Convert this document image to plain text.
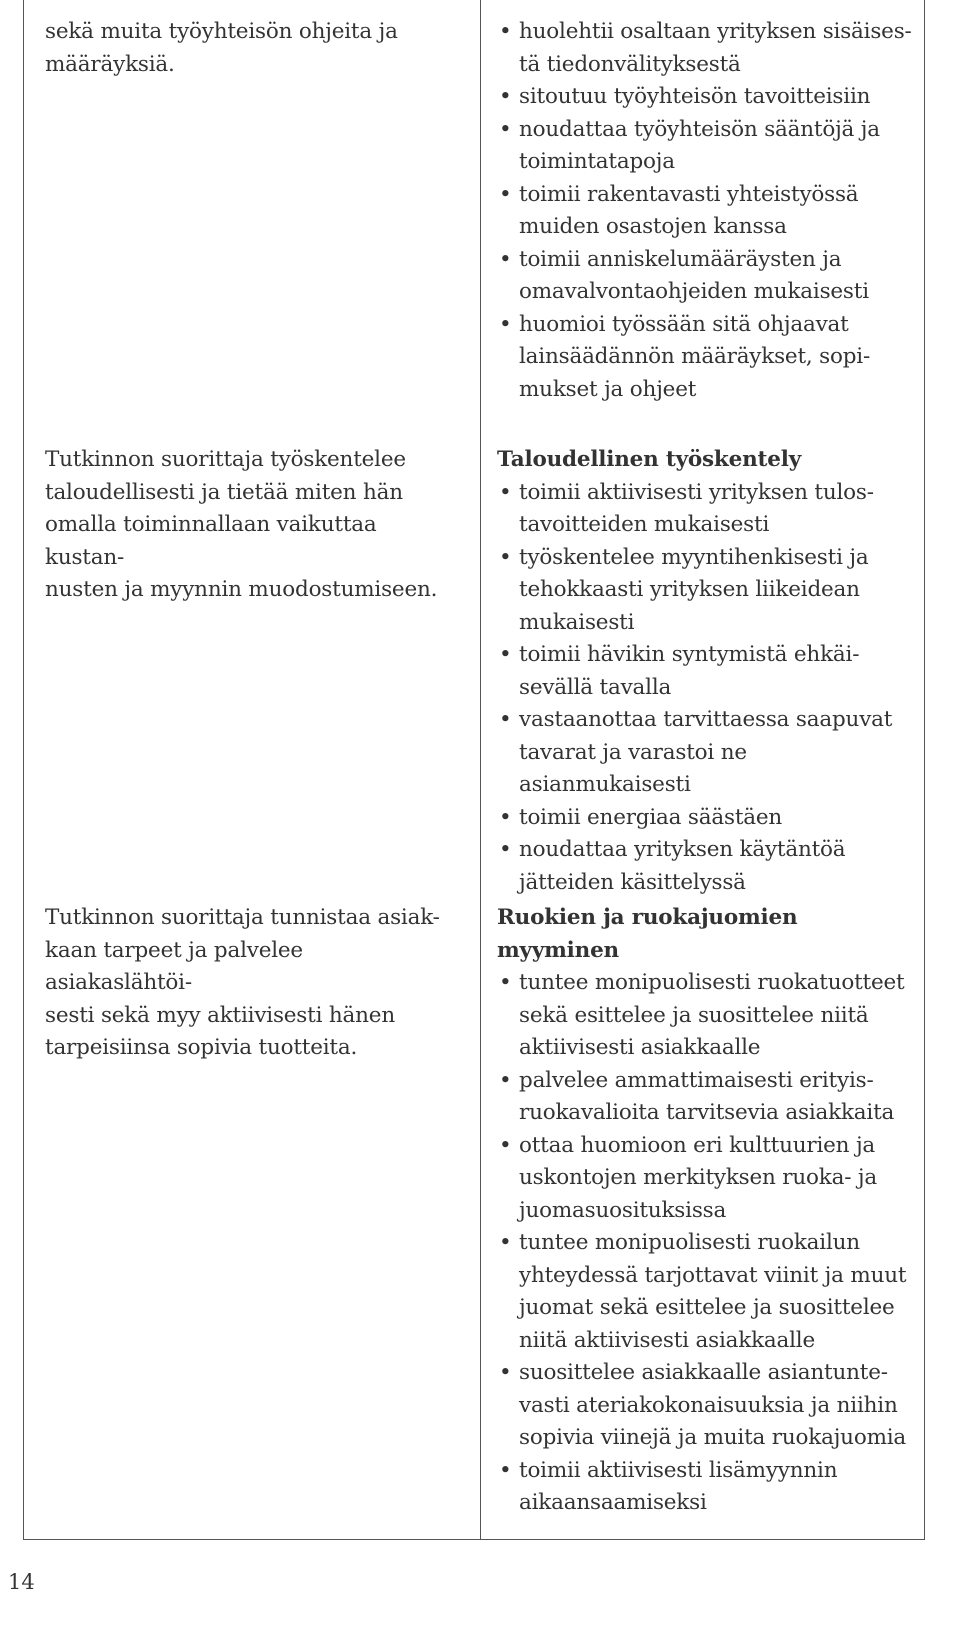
sekä muita työyhteisön ohjeita ja
määräyksiä.
Tutkinnon suorittaja työskentelee
taloudellisesti ja tietää miten hän
omalla toiminnallaan vaikuttaa kustan-
nusten ja myynnin muodostumiseen.
Tutkinnon suorittaja tunnistaa asiak-
kaan tarpeet ja palvelee asiakaslähtöi-
sesti sekä myy aktiivisesti hänen
tarpeisiinsa sopivia tuotteita.
• huolehtii osaltaan yrityksen sisäises-
tä tiedonvälityksestä
• sitoutuu työyhteisön tavoitteisiin
• noudattaa työyhteisön sääntöjä ja
toimintatapoja
• toimii rakentavasti yhteistyössä
muiden osastojen kanssa
• toimii anniskelumääräysten ja
omavalvontaohjeiden mukaisesti
• huomioi työssään sitä ohjaavat
lainsäädännön määräykset, sopi-
mukset ja ohjeet
Taloudellinen työskentely
• toimii aktiivisesti yrityksen tulos-
tavoitteiden mukaisesti
• työskentelee myyntihenkisesti ja
tehokkaasti yrityksen liikeidean
mukaisesti
• toimii hävikin syntymistä ehkäi-
sevällä tavalla
• vastaanottaa tarvittaessa saapuvat
tavarat ja varastoi ne asianmukaisesti
• toimii energiaa säästäen
• noudattaa yrityksen käytäntöä
jätteiden käsittelyssä
Ruokien ja ruokajuomien myyminen
• tuntee monipuolisesti ruokatuotteet
sekä esittelee ja suosittelee niitä
aktiivisesti asiakkaalle
• palvelee ammattimaisesti erityis-
ruokavalioita tarvitsevia asiakkaita
• ottaa huomioon eri kulttuurien ja
uskontojen merkityksen ruoka- ja
juomasuosituksissa
• tuntee monipuolisesti ruokailun
yhteydessä tarjottavat viinit ja muut
juomat sekä esittelee ja suosittelee
niitä aktiivisesti asiakkaalle
• suosittelee asiakkaalle asiantunte-
vasti ateriakokonaisuuksia ja niihin
sopivia viinejä ja muita ruokajuomia
• toimii aktiivisesti lisämyynnin
aikaansaamiseksi
14
